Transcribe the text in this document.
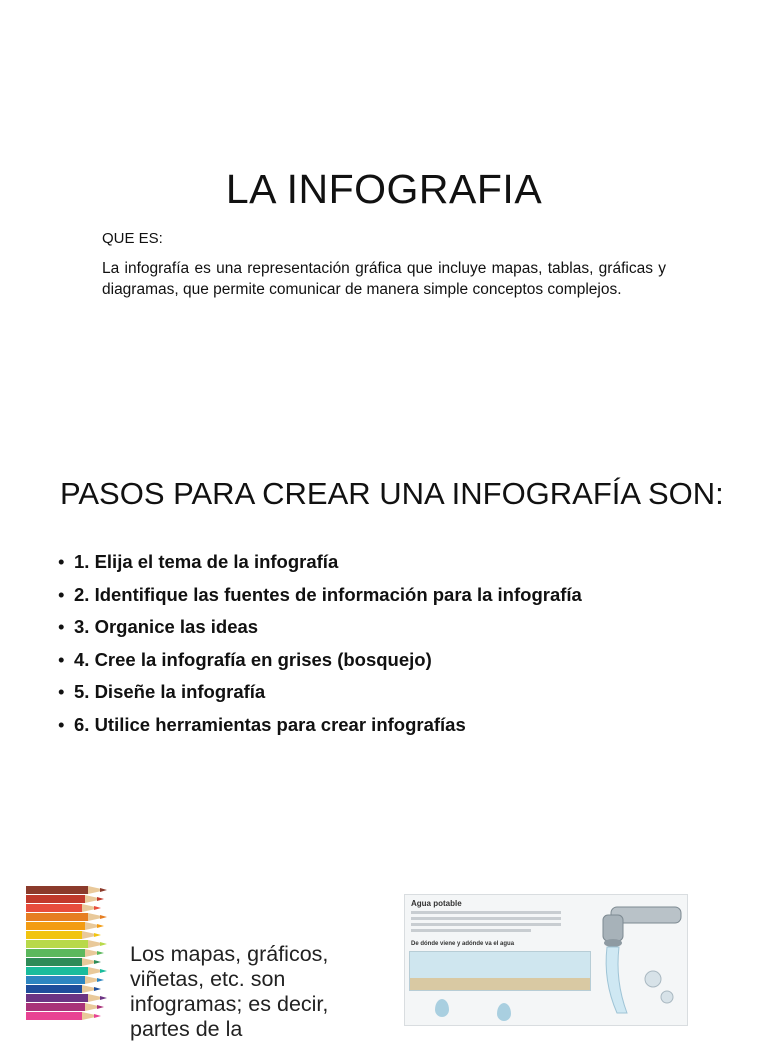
LA INFOGRAFIA
QUE ES:

La infografía es una representación gráfica que incluye mapas, tablas, gráficas y diagramas, que permite comunicar de manera simple conceptos complejos.

PASOS PARA CREAR UNA INFOGRAFÍA SON:
• 1. Elija el tema de la infografía
• 2. Identifique las fuentes de información para la infografía
• 3. Organice las ideas
• 4. Cree la infografía en grises (bosquejo)
• 5. Diseñe la infografía
• 6. Utilice herramientas para crear infografías
Los mapas, gráficos, viñetas, etc. son infogramas; es decir, partes de la
Agua potable
De dónde viene y adónde va el agua
